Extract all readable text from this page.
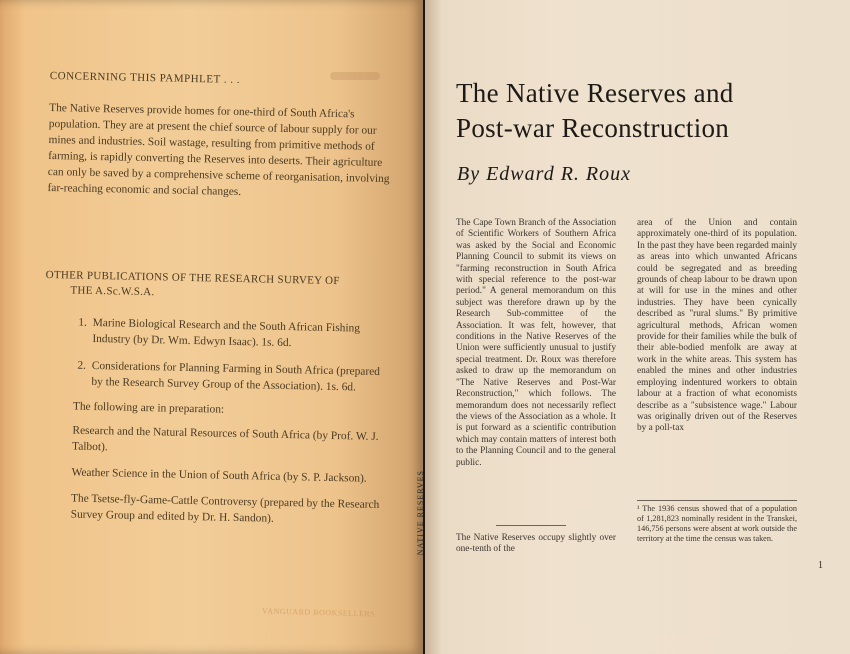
CONCERNING THIS PAMPHLET . . .

The Native Reserves provide homes for one-third of South Africa's population. They are at present the chief source of labour supply for our mines and industries. Soil wastage, resulting from primitive methods of farming, is rapidly converting the Reserves into deserts. Their agriculture can only be saved by a comprehensive scheme of reorganisation, involving far-reaching economic and social changes.

OTHER PUBLICATIONS OF THE RESEARCH SURVEY OF
THE A.Sc.W.S.A.

1. Marine Biological Research and the South African Fishing Industry (by Dr. Wm. Edwyn Isaac). 1s. 6d.
2. Considerations for Planning Farming in South Africa (prepared by the Research Survey Group of the Association). 1s. 6d.

The following are in preparation:

Research and the Natural Resources of South Africa (by Prof. W. J. Talbot).

Weather Science in the Union of South Africa (by S. P. Jackson).

The Tsetse-fly-Game-Cattle Controversy (prepared by the Research Survey Group and edited by Dr. H. Sandon).

VANGUARD BOOKSELLERS
NATIVE RESERVES
The Native Reserves and
Post-war Reconstruction
By Edward R. Roux

The Cape Town Branch of the Association of Scientific Workers of Southern Africa was asked by the Social and Economic Planning Council to submit its views on "farming reconstruction in South Africa with special reference to the post-war period." A general memorandum on this subject was therefore drawn up by the Research Sub-committee of the Association. It was felt, however, that conditions in the Native Reserves of the Union were sufficiently unusual to justify special treatment. Dr. Roux was therefore asked to draw up the memorandum on "The Native Reserves and Post-War Reconstruction," which follows. The memorandum does not necessarily reflect the views of the Association as a whole. It is put forward as a scientific contribution which may contain matters of interest both to the Planning Council and to the general public.

The Native Reserves occupy slightly over one-tenth of the

area of the Union and contain approximately one-third of its population. In the past they have been regarded mainly as areas into which unwanted Africans could be segregated and as breeding grounds of cheap labour to be drawn upon at will for use in the mines and other industries. They have been cynically described as "rural slums." By primitive agricultural methods, African women provide for their families while the bulk of their able-bodied menfolk are away at work in the white areas. This system has enabled the mines and other industries employing indentured workers to obtain labour at a fraction of what economists describe as a "subsistence wage." Labour was originally driven out of the Reserves by a poll-tax

¹ The 1936 census showed that of a population of 1,281,823 nominally resident in the Transkei, 146,756 persons were absent at work outside the territory at the time the census was taken.

1
